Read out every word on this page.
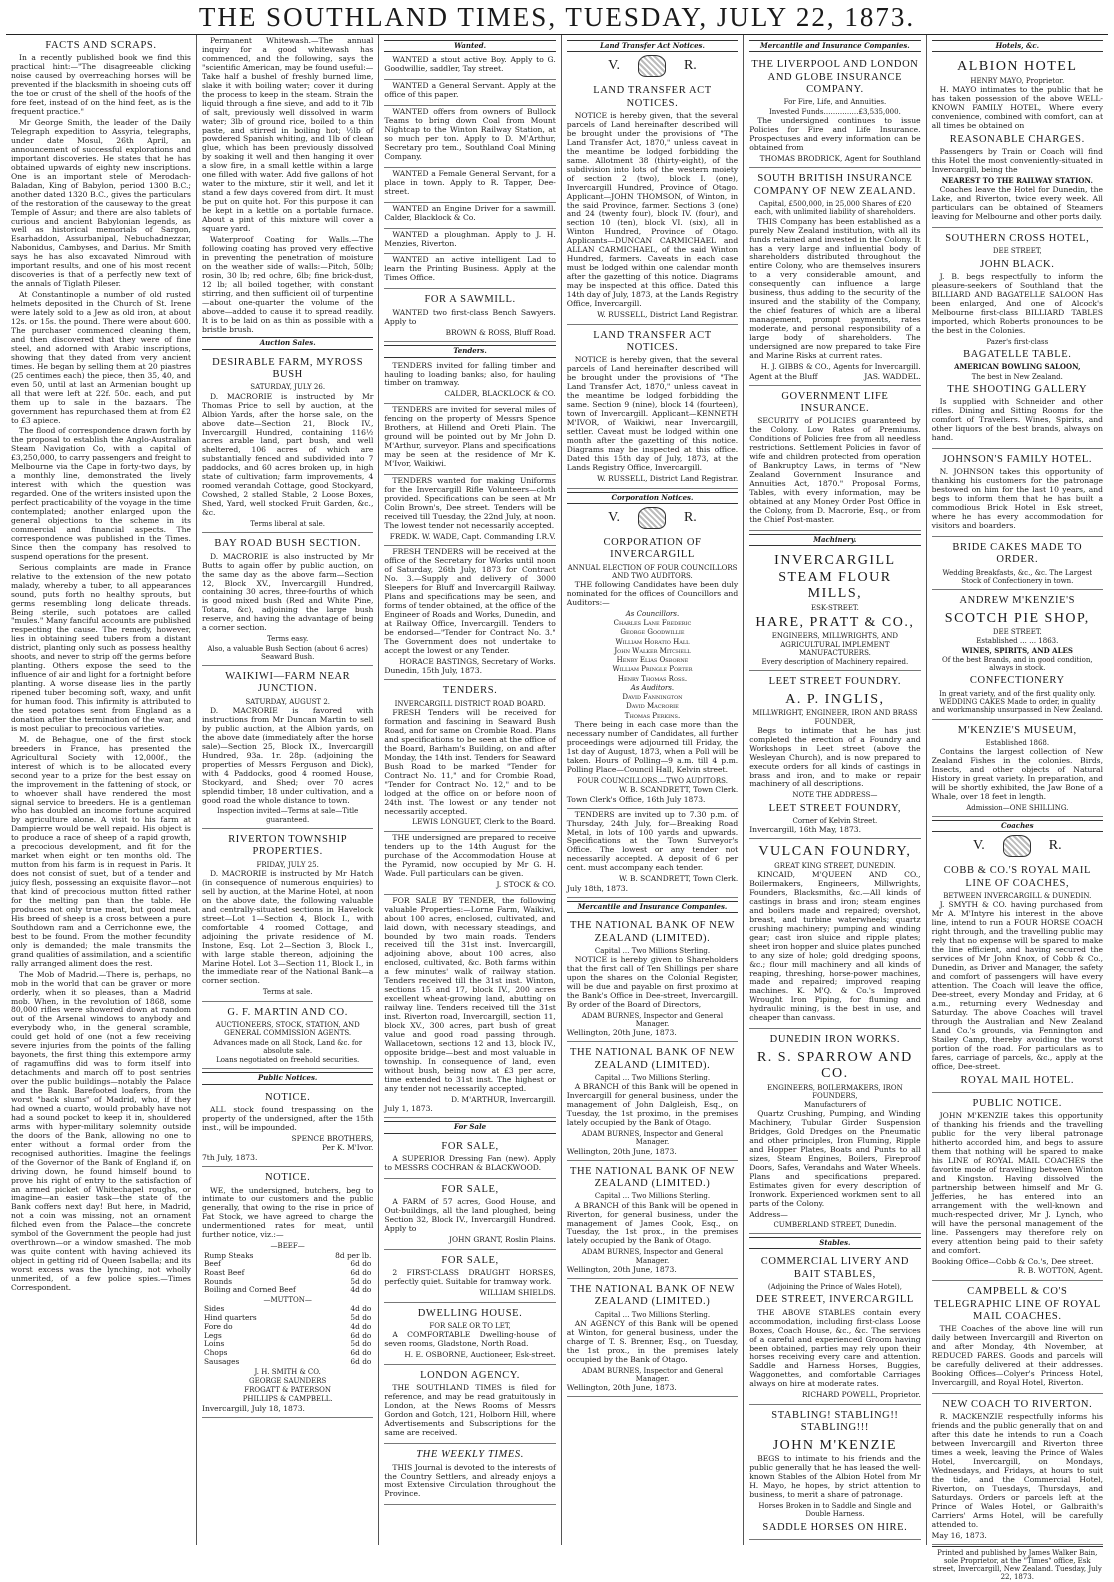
THE SOUTHLAND TIMES, TUESDAY, JULY 22, 1873.
FACTS AND SCRAPS.

In a recently published book we find this practical hint:—"The disagreeable clicking noise caused by overreaching horses will be prevented if the blacksmith in shoeing cuts off the toe or crust of the shell of the hoofs of the fore feet, instead of on the hind feet, as is the frequent practice."

Mr George Smith, the leader of the Daily Telegraph expedition to Assyria, telegraphs, under date Mosul, 26th April, an announcement of successful explorations and important discoveries. He states that he has obtained upwards of eighty new inscriptions. One is an important stele of Merodach-Baladan, King of Babylon, period 1300 B.C.; another dated 1320 B.C., gives the particulars of the restoration of the causeway to the great Temple of Assur; and there are also tablets of curious and ancient Babylonian legends, as well as historical memorials of Sargon, Esarhaddon, Assurbanipal, Nebuchadnezzar, Nabonidus, Cambyses, and Darius. Mr Smith says he has also excavated Nimroud with important results, and one of his most recent discoveries is that of a perfectly new text of the annals of Tiglath Pileser.

At Constantinople a number of old rusted helmets deposited in the Church of St. Irene were lately sold to a Jew as old iron, at about 12s. or 15s. the pound. There were about 600. The purchaser commenced cleaning them, and then discovered that they were of fine steel, and adorned with Arabic inscriptions, showing that they dated from very ancient times. He began by selling them at 20 piastres (25 centimes each) the piece, then 35, 40, and even 50, until at last an Armenian bought up all that were left at 22f. 50c. each, and put them up to sale in the bazaars. The government has repurchased them at from £2 to £3 apiece.

The flood of correspondence drawn forth by the proposal to establish the Anglo-Australian Steam Navigation Co, with a capital of £3,250,000, to carry passengers and freight to Melbourne via the Cape in forty-two days, by a monthly line, demonstrated the lively interest with which the question was regarded. One of the writers insisted upon the perfect practicability of the voyage in the time contemplated; another enlarged upon the general objections to the scheme in its commercial and financial aspects. The correspondence was published in the Times. Since then the company has resolved to suspend operations for the present.

Serious complaints are made in France relative to the extension of the new potato malady, whereby a tuber, to all appearances sound, puts forth no healthy sprouts, but germs resembling long delicate threads. Being sterile, such potatoes are called "mules." Many fanciful accounts are published respecting the cause. The remedy, however, lies in obtaining seed tubers from a distant district, planting only such as possess healthy shoots, and never to strip off the germs before planting. Others expose the seed to the influence of air and light for a fortnight before planting. A worse disease lies in the partly ripened tuber becoming soft, waxy, and unfit for human food. This infirmity is attributed to the seed potatoes sent from England as a donation after the termination of the war, and is most peculiar to precocious varieties.

M. de Behague, one of the first stock breeders in France, has presented the Agricultural Society with 12,000f., the interest of which is to be allocated every second year to a prize for the best essay on the improvement in the fattening of stock, or to whoever shall have rendered the most signal service to breeders. He is a gentleman who has doubled an income fortune acquired by agriculture alone. A visit to his farm at Dampierre would be well repaid. His object is to produce a race of sheep of a rapid growth, a precocious development, and fit for the market when eight or ten months old. The mutton from his farm is in request in Paris. It does not consist of suet, but of a tender and juicy flesh, possessing an exquisite flavor—not that kind of precocious mutton fitted rather for the melting pan than the table. He produces not only true meat, but good meat. His breed of sheep is a cross between a pure Southdown ram and a Cerrichonne ewe, the best to be found. From the mother fecundity only is demanded; the male transmits the grand qualities of assimilation, and a scientific rally arranged aliment does the rest.

The Mob of Madrid.—There is, perhaps, no mob in the world that can be graver or more orderly, when it so pleases, than a Madrid mob. When, in the revolution of 1868, some 80,000 rifles were showered down at random out of the Arsenal windows to anybody and everybody who, in the general scramble, could get hold of one (not a few receiving severe injuries from the points of the falling bayonets, the first thing this extempore army of ragamuffins did was to form itself into detachments and march off to post sentries over the public buildings—notably the Palace and the Bank. Barefooted loafers, from the worst "back slums" of Madrid, who, if they had owned a cuarto, would probably have not had a sound pocket to keep it in, shouldered arms with hyper-military solemnity outside the doors of the Bank, allowing no one to enter without a formal order from the recognised authorities. Imagine the feelings of the Governor of the Bank of England if, on driving down, he found himself bound to prove his right of entry to the satisfaction of an armed picket of Whitechapel roughs, or imagine—an easier task—the state of the Bank coffers next day! But here, in Madrid, not a coin was missing, not an ornament filched even from the Palace—the concrete symbol of the Government the people had just overthrown—or a window smashed. The mob was quite content with having achieved its object in getting rid of Queen Isabella; and its worst excess was the lynching, not wholly unmerited, of a few police spies.—Times Correspondent.

Permanent Whitewash.—The annual inquiry for a good whitewash has commenced, and the following, says the "scientific American, may be found useful:—Take half a bushel of freshly burned lime, slake it with boiling water; cover it during the process to keep in the steam. Strain the liquid through a fine sieve, and add to it 7lb of salt, previously well dissolved in warm water; 3lb of ground rice, boiled to a thin paste, and stirred in boiling hot; ½lb of powdered Spanish whiting, and 1lb of clean glue, which has been previously dissolved by soaking it well and then hanging it over a slow fire, in a small kettle within a large one filled with water. Add five gallons of hot water to the mixture, stir it well, and let it stand a few days covered from dirt. It must be put on quite hot. For this purpose it can be kept in a kettle on a portable furnace. About a pint of this mixture will cover a square yard.

Waterproof Coating for Walls.—The following coating has proved very effective in preventing the penetration of moisture on the weather side of walls:—Pitch, 50lb; rosin, 30 lb; red ochre, 6lb; fine brick-dust, 12 lb; all boiled together, with constant stirring, and then sufficient oil of turpentine—about one-quarter the volume of the above—added to cause it to spread readily. It is to be laid on as thin as possible with a bristle brush.

Auction Sales.
DESIRABLE FARM, MYROSS BUSH
SATURDAY, JULY 26.

D. MACRORIE is instructed by Mr Thomas Price to sell by auction, at the Albion Yards, after the horse sale, on the above date—Section 21, Block IV., Invercargill Hundred, containing 116½ acres arable land, part bush, and well sheltered, 106 acres of which are substantially fenced and subdivided into 7 paddocks, and 60 acres broken up, in high state of cultivation; farm improvements, 4 roomed verandah Cottage, good Stockyard, Cowshed, 2 stalled Stable, 2 Loose Boxes, Shed, Yard, well stocked Fruit Garden, &c., &c.

Terms liberal at sale.
BAY ROAD BUSH SECTION.

D. MACRORIE is also instructed by Mr Butts to again offer by public auction, on the same day as the above farm—Section 12, Block XV., Invercargill Hundred, containing 30 acres, three-fourths of which is good mixed bush (Red and White Pine, Totara, &c), adjoining the large bush reserve, and having the advantage of being a corner section.

Terms easy.
Also, a valuable Bush Section (about 6 acres) Seaward Bush.
WAIKIWI—FARM NEAR JUNCTION.
SATURDAY, AUGUST 2.

D. MACRORIE is favored with instructions from Mr Duncan Martin to sell by public auction, at the Albion yards, on the above date (immediately after the horse sale)—Section 25, Block IX., Invercargill Hundred, 93a. 1r. 28p. (adjoining the properties of Messrs Ferguson and Dick), with 4 Paddocks, good 4 roomed House, Stockyard, and Shed; over 70 acres splendid timber, 18 under cultivation, and a good road the whole distance to town.

Inspection invited—Terms at sale—Title guaranteed.
RIVERTON TOWNSHIP PROPERTIES.
FRIDAY, JULY 25.

D. MACRORIE is instructed by Mr Hatch (in consequence of numerous enquiries) to sell by auction, at the Marine Hotel, at noon on the above date, the following valuable and centrally-situated sections in Havelock street—Lot 1—Section 4, Block I., with comfortable 4 roomed Cottage, and adjoining the private residence of M. Instone, Esq. Lot 2—Section 3, Block I., with large stable thereon, adjoining the Marine Hotel. Lot 3—Section 11, Block I., in the immediate rear of the National Bank—a corner section.

Terms at sale.
G. F. MARTIN AND CO.
AUCTIONEERS, STOCK, STATION, AND GENERAL COMMISSION AGENTS.
Advances made on all Stock, Land &c. for absolute sale.
Loans negotiated on freehold securities.
Public Notices.
NOTICE.

ALL stock found trespassing on the property of the undersigned, after the 15th inst., will be impounded.

SPENCE BROTHERS,
Per K. M'Ivor.
7th July, 1873.
NOTICE.

WE, the undersigned, butchers, beg to intimate to our customers and the public generally, that owing to the rise in price of Fat Stock, we have agreed to charge the undermentioned rates for meat, until further notice, viz.:—

—BEEF—
Rump Steaks	8d per lb.
Beef	6d do
Roast Beef	6d do
Rounds	5d do
Boiling and Corned Beef	4d do
—MUTTON—
Sides	4d do
Hind quarters	5d do
Fore do	4d do
Legs	6d do
Loins	5d do
Chops	6d do
Sausages	6d do
J. H. SMITH & CO.
GEORGE SAUNDERS
FROGATT & PATERSON
PHILLIPS & CAMPBELL.
Invercargill, July 18, 1873.
Wanted.

WANTED a stout active Boy. Apply to G. Goodwillie, saddler, Tay street.

WANTED a General Servant. Apply at the office of this paper.

WANTED offers from owners of Bullock Teams to bring down Coal from Mount Nightcap to the Winton Railway Station, at so much per ton. Apply to D. M'Arthur, Secretary pro tem., Southland Coal Mining Company.

WANTED a Female General Servant, for a place in town. Apply to R. Tapper, Dee-street.

WANTED an Engine Driver for a sawmill. Calder, Blacklock & Co.

WANTED a ploughman. Apply to J. H. Menzies, Riverton.

WANTED an active intelligent Lad to learn the Printing Business. Apply at the Times Office.

FOR A SAWMILL.

WANTED two first-class Bench Sawyers. Apply to

BROWN & ROSS, Bluff Road.
Tenders.

TENDERS invited for falling timber and hauling to loading banks; also, for hauling timber on tramway.

CALDER, BLACKLOCK & CO.

TENDERS are invited for several miles of fencing on the property of Messrs Spence Brothers, at Hillend and Oreti Plain. The ground will be pointed out by Mr John D. M'Arthur, surveyor. Plans and specifications may be seen at the residence of Mr K. M'Ivor, Waikiwi.

TENDERS wanted for making Uniforms for the Invercargill Rifle Volunteers—cloth provided. Specifications can be seen at Mr Colin Brown's, Dee street. Tenders will be received till Tuesday, the 22nd July, at noon. The lowest tender not necessarily accepted.

FREDK. W. WADE, Capt. Commanding I.R.V.

FRESH TENDERS will be received at the office of the Secretary for Works until noon of Saturday, 26th July, 1873 for Contract No. 3.—Supply and delivery of 3000 Sleepers for Bluff and Invercargill Railway. Plans and specifications may be seen, and forms of tender obtained, at the office of the Engineer of Roads and Works, Dunedin, and at Railway Office, Invercargill. Tenders to be endorsed—"Tender for Contract No. 3." The Government does not undertake to accept the lowest or any Tender.

HORACE BASTINGS, Secretary of Works.
Dunedin, 15th July, 1873.
TENDERS.
INVERCARGILL DISTRICT ROAD BOARD.

FRESH Tenders will be received for formation and fascining in Seaward Bush Road, and for same on Crombie Road. Plans and specifications to be seen at the office of the Board, Barham's Building, on and after Monday, the 14th inst. Tenders for Seaward Bush Road to be marked "Tender for Contract No. 11," and for Crombie Road, "Tender for Contract No. 12," and to be lodged at the office on or before noon of 24th inst. The lowest or any tender not necessarily accepted.

LEWIS LONGUET, Clerk to the Board.

THE undersigned are prepared to receive tenders up to the 14th August for the purchase of the Accommodation House at the Pyramid, now occupied by Mr G. H. Wade. Full particulars can be given.

J. STOCK & CO.

FOR SALE BY TENDER, the following valuable Properties:—Lorne Farm, Waikiwi, about 100 acres, enclosed, cultivated, and laid down, with necessary steadings, and bounded by two main roads. Tenders received till the 31st inst. Invercargill, adjoining above, about 100 acres, also enclosed, cultivated, &c. Both farms within a few minutes' walk of railway station. Tenders received till the 31st inst. Winton, sections 15 and 17, block IV., 200 acres excellent wheat-growing land, abutting on railway line. Tenders received till the 31st inst. Riverton road, Invercargill, section 11, block XV., 300 acres, part bush of great value and good road passing through. Wallacetown, sections 12 and 13, block IV., opposite bridge—best and most valuable in township. In consequence of land, even without bush, being now at £3 per acre, time extended to 31st inst. The highest or any tender not necessarily accepted.

D. M'ARTHUR, Invercargill.
July 1, 1873.
For Sale
FOR SALE,

A SUPERIOR Dressing Fan (new). Apply to MESSRS COCHRAN & BLACKWOOD.

FOR SALE,

A FARM of 57 acres, Good House, and Out-buildings, all the land ploughed, being Section 32, Block IV., Invercargill Hundred. Apply to

JOHN GRANT, Roslin Plains.
FOR SALE,

2 FIRST-CLASS DRAUGHT HORSES, perfectly quiet. Suitable for tramway work.

WILLIAM SHIELDS.
DWELLING HOUSE.
FOR SALE OR TO LET,

A COMFORTABLE Dwelling-house of seven rooms, Gladstone, North Road.

H. E. OSBORNE, Auctioneer, Esk-street.
LONDON AGENCY.

THE SOUTHLAND TIMES is filed for reference, and may be read gratuitously in London, at the News Rooms of Messrs Gordon and Gotch, 121, Holborn Hill, where Advertisements and Subscriptions for the same are received.

THE WEEKLY TIMES.

THIS Journal is devoted to the interests of the Country Settlers, and already enjoys a most Extensive Circulation throughout the Province.

Land Transfer Act Notices.
V.	R.
LAND TRANSFER ACT NOTICES.

NOTICE is hereby given, that the several parcels of Land hereinafter described will be brought under the provisions of "The Land Transfer Act, 1870," unless caveat in the meantime be lodged forbidding the same. Allotment 38 (thirty-eight), of the subdivision into lots of the western moiety of section 2 (two), block I. (one), Invercargill Hundred, Province of Otago. Applicant—JOHN THOMSON, of Winton, in the said Province, farmer. Sections 3 (one) and 24 (twenty four), block IV. (four), and section 10 (ten), block VI. (six), all in Winton Hundred, Province of Otago. Applicants—DUNCAN CARMICHAEL and ALLAN CARMICHAEL, of the said Winton Hundred, farmers. Caveats in each case must be lodged within one calendar month after the gazetting of this notice. Diagrams may be inspected at this office. Dated this 14th day of July, 1873, at the Lands Registry Office, Invercargill.

W. RUSSELL, District Land Registrar.
LAND TRANSFER ACT NOTICES.

NOTICE is hereby given, that the several parcels of Land hereinafter described will be brought under the provisions of "The Land Transfer Act, 1870," unless caveat in the meantime be lodged forbidding the same. Section 9 (nine), block 14 (fourteen), town of Invercargill. Applicant—KENNETH M'IVOR, of Waikiwi, near Invercargill, settler. Caveat must be lodged within one month after the gazetting of this notice. Diagrams may be inspected at this office. Dated this 15th day of July, 1873, at the Lands Registry Office, Invercargill.

W. RUSSELL, District Land Registrar.
Corporation Notices.
V.	R.
CORPORATION OF INVERCARGILL
ANNUAL ELECTION OF FOUR COUNCILLORS AND TWO AUDITORS.

THE following Candidates have been duly nominated for the offices of Councillors and Auditors:—

As Councillors.
Charles Lane Frederic
George Goodwillie
William Horatio Hall
John Walker Mitchell
Henry Elias Osborne
William Pringle Porter
Henry Thomas Ross.
As Auditors.
David Fannington
David Macrorie
Thomas Perkins.

There being in each case more than the necessary number of Candidates, all further proceedings were adjourned till Friday, the 1st day of August, 1873, when a Poll will be taken. Hours of Polling—9 a.m. till 4 p.m. Polling Place—Council Hall, Kelvin street.

FOUR COUNCILLORS.—TWO AUDITORS.
W. B. SCANDRETT, Town Clerk.
Town Clerk's Office, 16th July 1873.

TENDERS are invited up to 7.30 p.m. of Thursday, 24th July, for—Breaking Road Metal, in lots of 100 yards and upwards. Specifications at the Town Surveyor's Office. The lowest or any tender not necessarily accepted. A deposit of 6 per cent. must accompany each tender.

W. B. SCANDRETT, Town Clerk.
July 18th, 1873.
Mercantile and Insurance Companies.
THE NATIONAL BANK OF NEW ZEALAND (LIMITED).
Capital … Two Millions Sterling.

NOTICE is hereby given to Shareholders that the first call of Ten Shillings per share upon the shares on the Colonial Register, will be due and payable on first proximo at the Bank's Office in Dee-street, Invercargill. By order of the Board of Directors,

ADAM BURNES, Inspector and General Manager.
Wellington, 20th June, 1873.
THE NATIONAL BANK OF NEW ZEALAND (LIMITED).
Capital … Two Millions Sterling.

A BRANCH of this Bank will be opened in Invercargill for general business, under the management of John Dalgleish, Esq., on Tuesday, the 1st proximo, in the premises lately occupied by the Bank of Otago.

ADAM BURNES, Inspector and General Manager.
Wellington, 20th June, 1873.
THE NATIONAL BANK OF NEW ZEALAND (LIMITED.)
Capital … Two Millions Sterling.

A BRANCH of this Bank will be opened in Riverton, for general business, under the management of James Cook, Esq., on Tuesday, the 1st prox., in the premises lately occupied by the Bank of Otago.

ADAM BURNES, Inspector and General Manager.
Wellington, 20th June, 1873.
THE NATIONAL BANK OF NEW ZEALAND (LIMITED.)
Capital … Two Millions Sterling.

AN AGENCY of this Bank will be opened at Winton, for general business, under the charge of T. S. Brenner, Esq., on Tuesday, the 1st prox., in the premises lately occupied by the Bank of Otago.

ADAM BURNES, Inspector and General Manager.
Wellington, 20th June, 1873.
Mercantile and Insurance Companies.
THE LIVERPOOL AND LONDON AND GLOBE INSURANCE COMPANY.
For Fire, Life, and Annuities.
Invested Funds……………£3,535,000.

The undersigned continues to issue Policies for Fire and Life Insurance. Prospectuses and every information can be obtained from

THOMAS BRODRICK, Agent for Southland
SOUTH BRITISH INSURANCE COMPANY OF NEW ZEALAND.
Capital, £500,000, in 25,000 Shares of £20 each, with unlimited liability of shareholders.

THIS Company has been established as a purely New Zealand institution, with all its funds retained and invested in the Colony. It has a very large and influential body of shareholders distributed throughout the entire Colony, who are themselves insurers to a very considerable amount, and consequently can influence a large business, thus adding to the security of the insured and the stability of the Company, the chief features of which are a liberal management, prompt payments, rates moderate, and personal responsibility of a large body of shareholders. The undersigned are now prepared to take Fire and Marine Risks at current rates.

H. J. GIBBS & CO., Agents for Invercargill.
Agent at the Bluff	JAS. WADDEL.
GOVERNMENT LIFE INSURANCE.

SECURITY of POLICIES guaranteed by the Colony. Low Rates of Premiums. Conditions of Policies free from all needless restrictions. Settlement Policies in favor of wife and children protected from operation of Bankruptcy Laws, in terms of "New Zealand Government Insurance and Annuities Act, 1870." Proposal Forms, Tables, with every information, may be obtained at any Money Order Post Office in the Colony, from D. Macrorie, Esq., or from the Chief Post-master.

Machinery.
INVERCARGILL STEAM FLOUR MILLS,
ESK-STREET.
HARE, PRATT & CO.,
ENGINEERS, MILLWRIGHTS, AND AGRICULTURAL IMPLEMENT MANUFACTURERS.
Every description of Machinery repaired.
LEET STREET FOUNDRY.
A. P. INGLIS,
MILLWRIGHT, ENGINEER, IRON AND BRASS FOUNDER,

Begs to intimate that he has just completed the erection of a Foundry and Workshops in Leet street (above the Wesleyan Church), and is now prepared to execute orders for all kinds of castings in brass and iron, and to make or repair machinery of all descriptions.

NOTE THE ADDRESS—
LEET STREET FOUNDRY,
Corner of Kelvin Street.
Invercargill, 16th May, 1873.
VULCAN FOUNDRY,
GREAT KING STREET, DUNEDIN.

KINCAID, M'QUEEN AND CO., Boilermakers, Engineers, Millwrights, Founders, Blacksmiths, &c.—All kinds of castings in brass and iron; steam engines and boilers made and repaired; overshot, breast, and turbine waterwheels; quartz crushing machinery; pumping and winding gear; cast iron sluice and ripple plates; sheet iron hopper and sluice plates punched to any size of hole; gold dredging spoons, &c.; flour mill machinery and all kinds of reaping, threshing, horse-power machines, made and repaired; improved reaping machines. K. M'Q. & Co.'s Improved Wrought Iron Piping, for fluming and hydraulic mining, is the best in use, and cheaper than canvass.

DUNEDIN IRON WORKS.
R. S. SPARROW AND CO.
ENGINEERS, BOILERMAKERS, IRON FOUNDERS,
Manufacturers of

Quartz Crushing, Pumping, and Winding Machinery, Tubular Girder Suspension Bridges, Gold Dredges on the Pneumatic and other principles, Iron Fluming, Ripple and Hopper Plates, Boats and Punts to all sizes, Steam Engines, Boilers, Fireproof Doors, Safes, Verandahs and Water Wheels. Plans and specifications prepared. Estimates given for every description of Ironwork. Experienced workmen sent to all parts of the Colony.

Address—
CUMBERLAND STREET, Dunedin.
Stables.
COMMERCIAL LIVERY AND BAIT STABLES,
(Adjoining the Prince of Wales Hotel),
DEE STREET, INVERCARGILL

THE ABOVE STABLES contain every accommodation, including first-class Loose Boxes, Coach House, &c., &c. The services of a careful and experienced Groom having been obtained, parties may rely upon their horses receiving every care and attention. Saddle and Harness Horses, Buggies, Waggonettes, and comfortable Carriages always on hire at moderate rates.

RICHARD POWELL, Proprietor.
STABLING! STABLING!! STABLING!!!
JOHN M'KENZIE

BEGS to intimate to his friends and the public generally that he has leased the well-known Stables of the Albion Hotel from Mr H. Mayo, he hopes, by strict attention to business, to merit a share of patronage.

Horses Broken in to Saddle and Single and Double Harness.
SADDLE HORSES ON HIRE.
Hotels, &c.
ALBION HOTEL
HENRY MAYO, Proprietor.

H. MAYO intimates to the public that he has taken possession of the above WELL-KNOWN FAMILY HOTEL, Where every convenience, combined with comfort, can at all times be obtained on

REASONABLE CHARGES.

Passengers by Train or Coach will find this Hotel the most conveniently-situated in Invercargill, being the

NEAREST TO THE RAILWAY STATION.

Coaches leave the Hotel for Dunedin, the Lake, and Riverton, twice every week. All particulars can be obtained of Steamers leaving for Melbourne and other ports daily.

SOUTHERN CROSS HOTEL,
DEE STREET,
JOHN BLACK.

J. B. begs respectfully to inform the pleasure-seekers of Southland that the BILLIARD AND BAGATELLE SALOON Has been enlarged, And one of Alcock's Melbourne first-class BILLIARD TABLES imported, which Roberts pronounces to be the best in the Colonies.

Pazer's first-class
BAGATELLE TABLE.
AMERICAN BOWLING SALOON,
The best in New Zealand.
THE SHOOTING GALLERY

Is supplied with Schneider and other rifles. Dining and Sitting Rooms for the comfort of Travellers. Wines, Spirits, and other liquors of the best brands, always on hand.

JOHNSON'S FAMILY HOTEL.

N. JOHNSON takes this opportunity of thanking his customers for the patronage bestowed on him for the last 10 years, and begs to inform them that he has built a commodious Brick Hotel in Esk street, where he has every accommodation for visitors and boarders.

BRIDE CAKES MADE TO ORDER.
Wedding Breakfasts, &c., &c. The Largest Stock of Confectionery in town.
ANDREW M'KENZIE'S
SCOTCH PIE SHOP,
DEE STREET.
Established … … 1863.
WINES, SPIRITS, AND ALES
Of the best Brands, and in good condition, always in stock.
CONFECTIONERY
In great variety, and of the first quality only. WEDDING CAKES Made to order, in quality and workmanship unsurpassed in New Zealand.
M'KENZIE'S MUSEUM,
Established 1868.

Contains the largest collection of New Zealand Fishes in the colonies. Birds, Insects, and other objects of Natural History in great variety. In preparation, and will be shortly exhibited, the Jaw Bone of a Whale, over 18 feet in length.

Admission—ONE SHILLING.
Coaches
V.	R.
COBB & CO.'S ROYAL MAIL LINE OF COACHES,
BETWEEN INVERCARGILL & DUNEDIN.

J. SMYTH & CO. having purchased from Mr A. M'Intyre his interest in the above line, intend to run a FOUR HORSE COACH right through, and the travelling public may rely that no expense will be spared to make the line efficient, and having secured the services of Mr John Knox, of Cobb & Co., Dunedin, as Driver and Manager, the safety and comfort of passengers will have every attention. The Coach will leave the office, Dee-street, every Monday and Friday, at 6 a.m., returning every Wednesday and Saturday. The above Coaches will travel through the Australian and New Zealand Land Co.'s grounds, via Fennington and Stailey Camp, thereby avoiding the worst portion of the road. For particulars as to fares, carriage of parcels, &c., apply at the office, Dee-street.

ROYAL MAIL HOTEL.
PUBLIC NOTICE.

JOHN M'KENZIE takes this opportunity of thanking his friends and the travelling public for the very liberal patronage hitherto accorded him, and begs to assure them that nothing will be spared to make his LINE of ROYAL MAIL COACHES the favorite mode of travelling between Winton and Kingston. Having dissolved the partnership between himself and Mr G. Jefferies, he has entered into an arrangement with the well-known and much-respected driver, Mr J. Lynch, who will have the personal management of the line. Passengers may therefore rely on every attention being paid to their safety and comfort.

Booking Office—Cobb & Co.'s, Dee street.
R. B. WOTTON, Agent.
CAMPBELL & CO'S TELEGRAPHIC LINE OF ROYAL MAIL COACHES.

THE Coaches of the above line will run daily between Invercargill and Riverton on and after Monday, 4th November, at REDUCED FARES. Goods and parcels will be carefully delivered at their addresses. Booking Offices—Colyer's Princess Hotel, Invercargill, and Royal Hotel, Riverton.

NEW COACH TO RIVERTON.

R. MACKENZIE respectfully informs his friends and the public generally that on and after this date he intends to run a Coach between Invercargill and Riverton three times a week, leaving the Prince of Wales Hotel, Invercargill, on Mondays, Wednesdays, and Fridays, at hours to suit the tide, and the Commercial Hotel, Riverton, on Tuesdays, Thursdays, and Saturdays. Orders or parcels left at the Prince of Wales Hotel, or Galbraith's Carriers' Arms Hotel, will be carefully attended to.

May 16, 1873.
Printed and published by James Walker Bain, sole Proprietor, at the "Times" office, Esk street, Invercargill, New Zealand. Tuesday, July 22, 1873.
